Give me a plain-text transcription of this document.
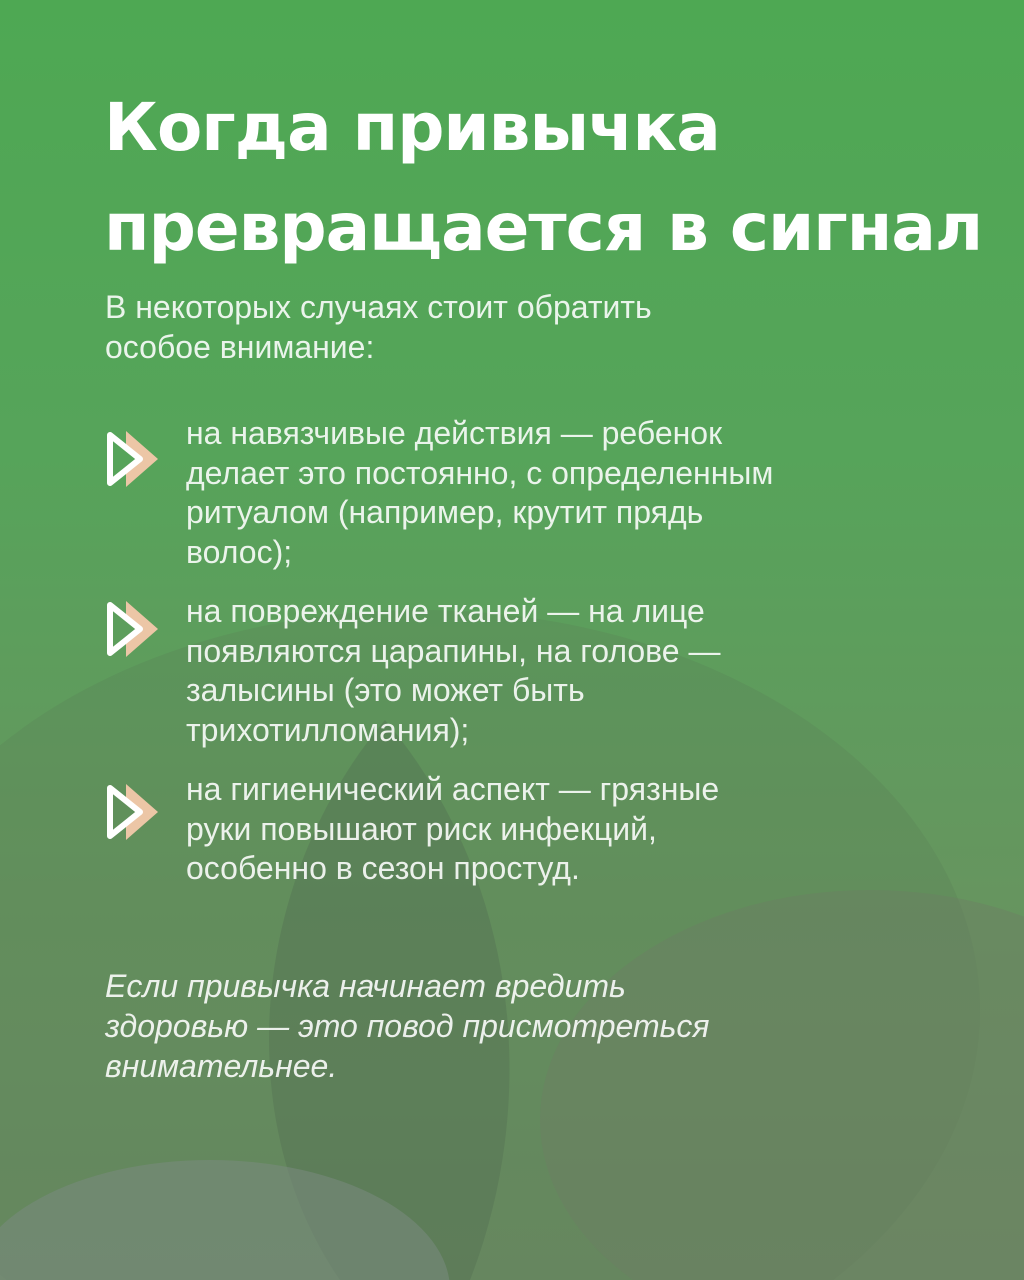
Когда привычка
превращается в сигнал

В некоторых случаях стоит обратить
особое внимание:

на навязчивые действия — ребенок
делает это постоянно, с определенным
ритуалом (например, крутит прядь
волос);
на повреждение тканей — на лице
появляются царапины, на голове —
залысины (это может быть
трихотилломания);
на гигиенический аспект — грязные
руки повышают риск инфекций,
особенно в сезон простуд.

Если привычка начинает вредить
здоровью — это повод присмотреться
внимательнее.
